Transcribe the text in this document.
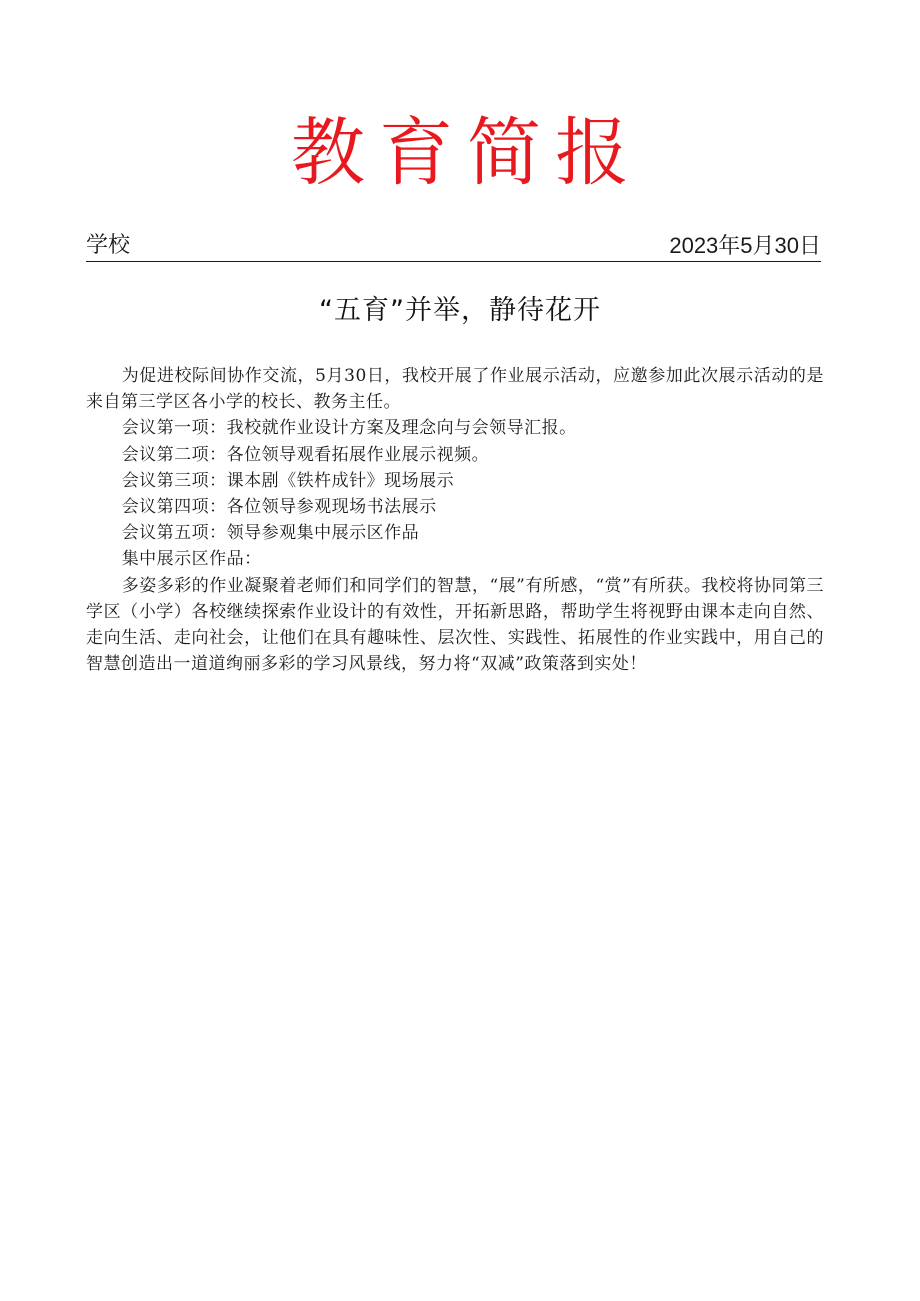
教育简报
学校	2023年5月30日
“五育”并举，静待花开

为促进校际间协作交流，5月30日，我校开展了作业展示活动，应邀参加此次展示活动的是来自第三学区各小学的校长、教务主任。

会议第一项：我校就作业设计方案及理念向与会领导汇报。

会议第二项：各位领导观看拓展作业展示视频。

会议第三项：课本剧《铁杵成针》现场展示

会议第四项：各位领导参观现场书法展示

会议第五项：领导参观集中展示区作品

集中展示区作品：

多姿多彩的作业凝聚着老师们和同学们的智慧，“展”有所感，“赏”有所获。我校将协同第三学区（小学）各校继续探索作业设计的有效性，开拓新思路，帮助学生将视野由课本走向自然、走向生活、走向社会，让他们在具有趣味性、层次性、实践性、拓展性的作业实践中，用自己的智慧创造出一道道绚丽多彩的学习风景线，努力将“双减”政策落到实处！
